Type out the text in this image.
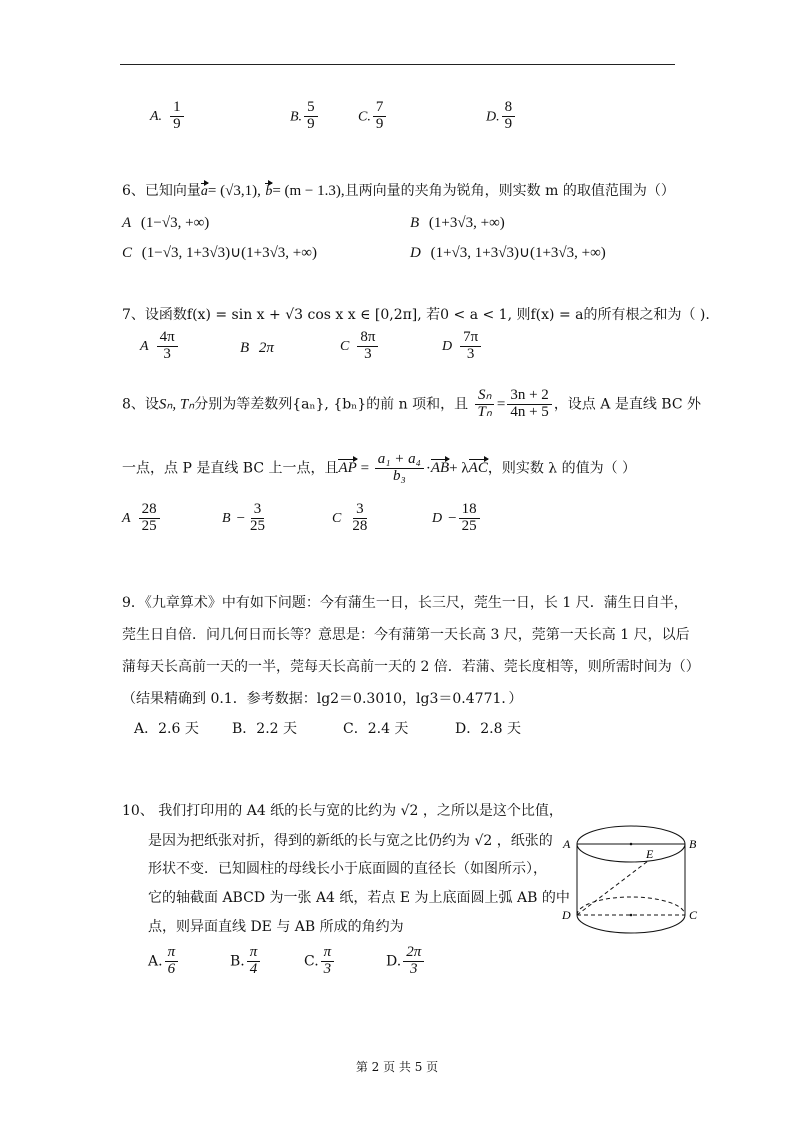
A. $\frac{1}{9}$	B. $\frac{5}{9}$	C. $\frac{7}{9}$	D. $\frac{8}{9}$
6、已知向量a= (√3,1), b= (m − 1.3),且两向量的夹角为锐角，则实数 m 的取值范围为（）
A (1−√3, +∞)	B (1+3√3, +∞)
C (1−√3, 1+3√3)∪(1+3√3, +∞)	D (1+√3, 1+3√3)∪(1+3√3, +∞)
7、设函数f(x) = sin x + √3 cos x x ∈ [0,2π], 若0 < a < 1, 则f(x) = a的所有根之和为（ ).
A $\frac{4\pi}{3}$	B 2π	C $\frac{8\pi}{3}$	D $\frac{7\pi}{3}$
8、设Sₙ, Tₙ分别为等差数列{aₙ}, {bₙ}的前 n 项和，且 $\frac{\text{Sₙ}}{\text{Tₙ}} = \frac{3n + 2}{4n + 5}$ ，设点 A 是直线 BC 外
一点，点 P 是直线 BC 上一点，且AP = $\frac{\text{a₁ + a₄}}{\text{b₃}} \cdot AB+ \lambda AC$，则实数 λ 的值为（ ）
A $\frac{28}{25}$	$B - \frac{3}{25}$	C $\frac{3}{28}$	$D - \frac{18}{25}$
9．《九章算术》中有如下问题：今有蒲生一日，长三尺，莞生一日，长 1 尺．蒲生日自半，
莞生日自倍．问几何日而长等？意思是：今有蒲第一天长高 3 尺，莞第一天长高 1 尺，以后
蒲每天长高前一天的一半，莞每天长高前一天的 2 倍．若蒲、莞长度相等，则所需时间为（）
（结果精确到 0.1．参考数据：lg2＝0.3010，lg3＝0.4771．）
A．2.6 天 B．2.2 天	C．2.4 天	D．2.8 天
10、 我们打印用的 A4 纸的长与宽的比约为 √2 ，之所以是这个比值，
是因为把纸张对折，得到的新纸的长与宽之比仍约为 √2 ，纸张的
形状不变．已知圆柱的母线长小于底面圆的直径长（如图所示），
它的轴截面 ABCD 为一张 A4 纸，若点 E 为上底面圆上弧 AB 的中
点，则异面直线 DE 与 AB 所成的角约为
A. $\frac{\pi}{6}$	B. $\frac{\pi}{4}$	C. $\frac{\pi}{3}$	D. $\frac{2\pi}{3}$
A	B
E
D	C
第 2 页 共 5 页
